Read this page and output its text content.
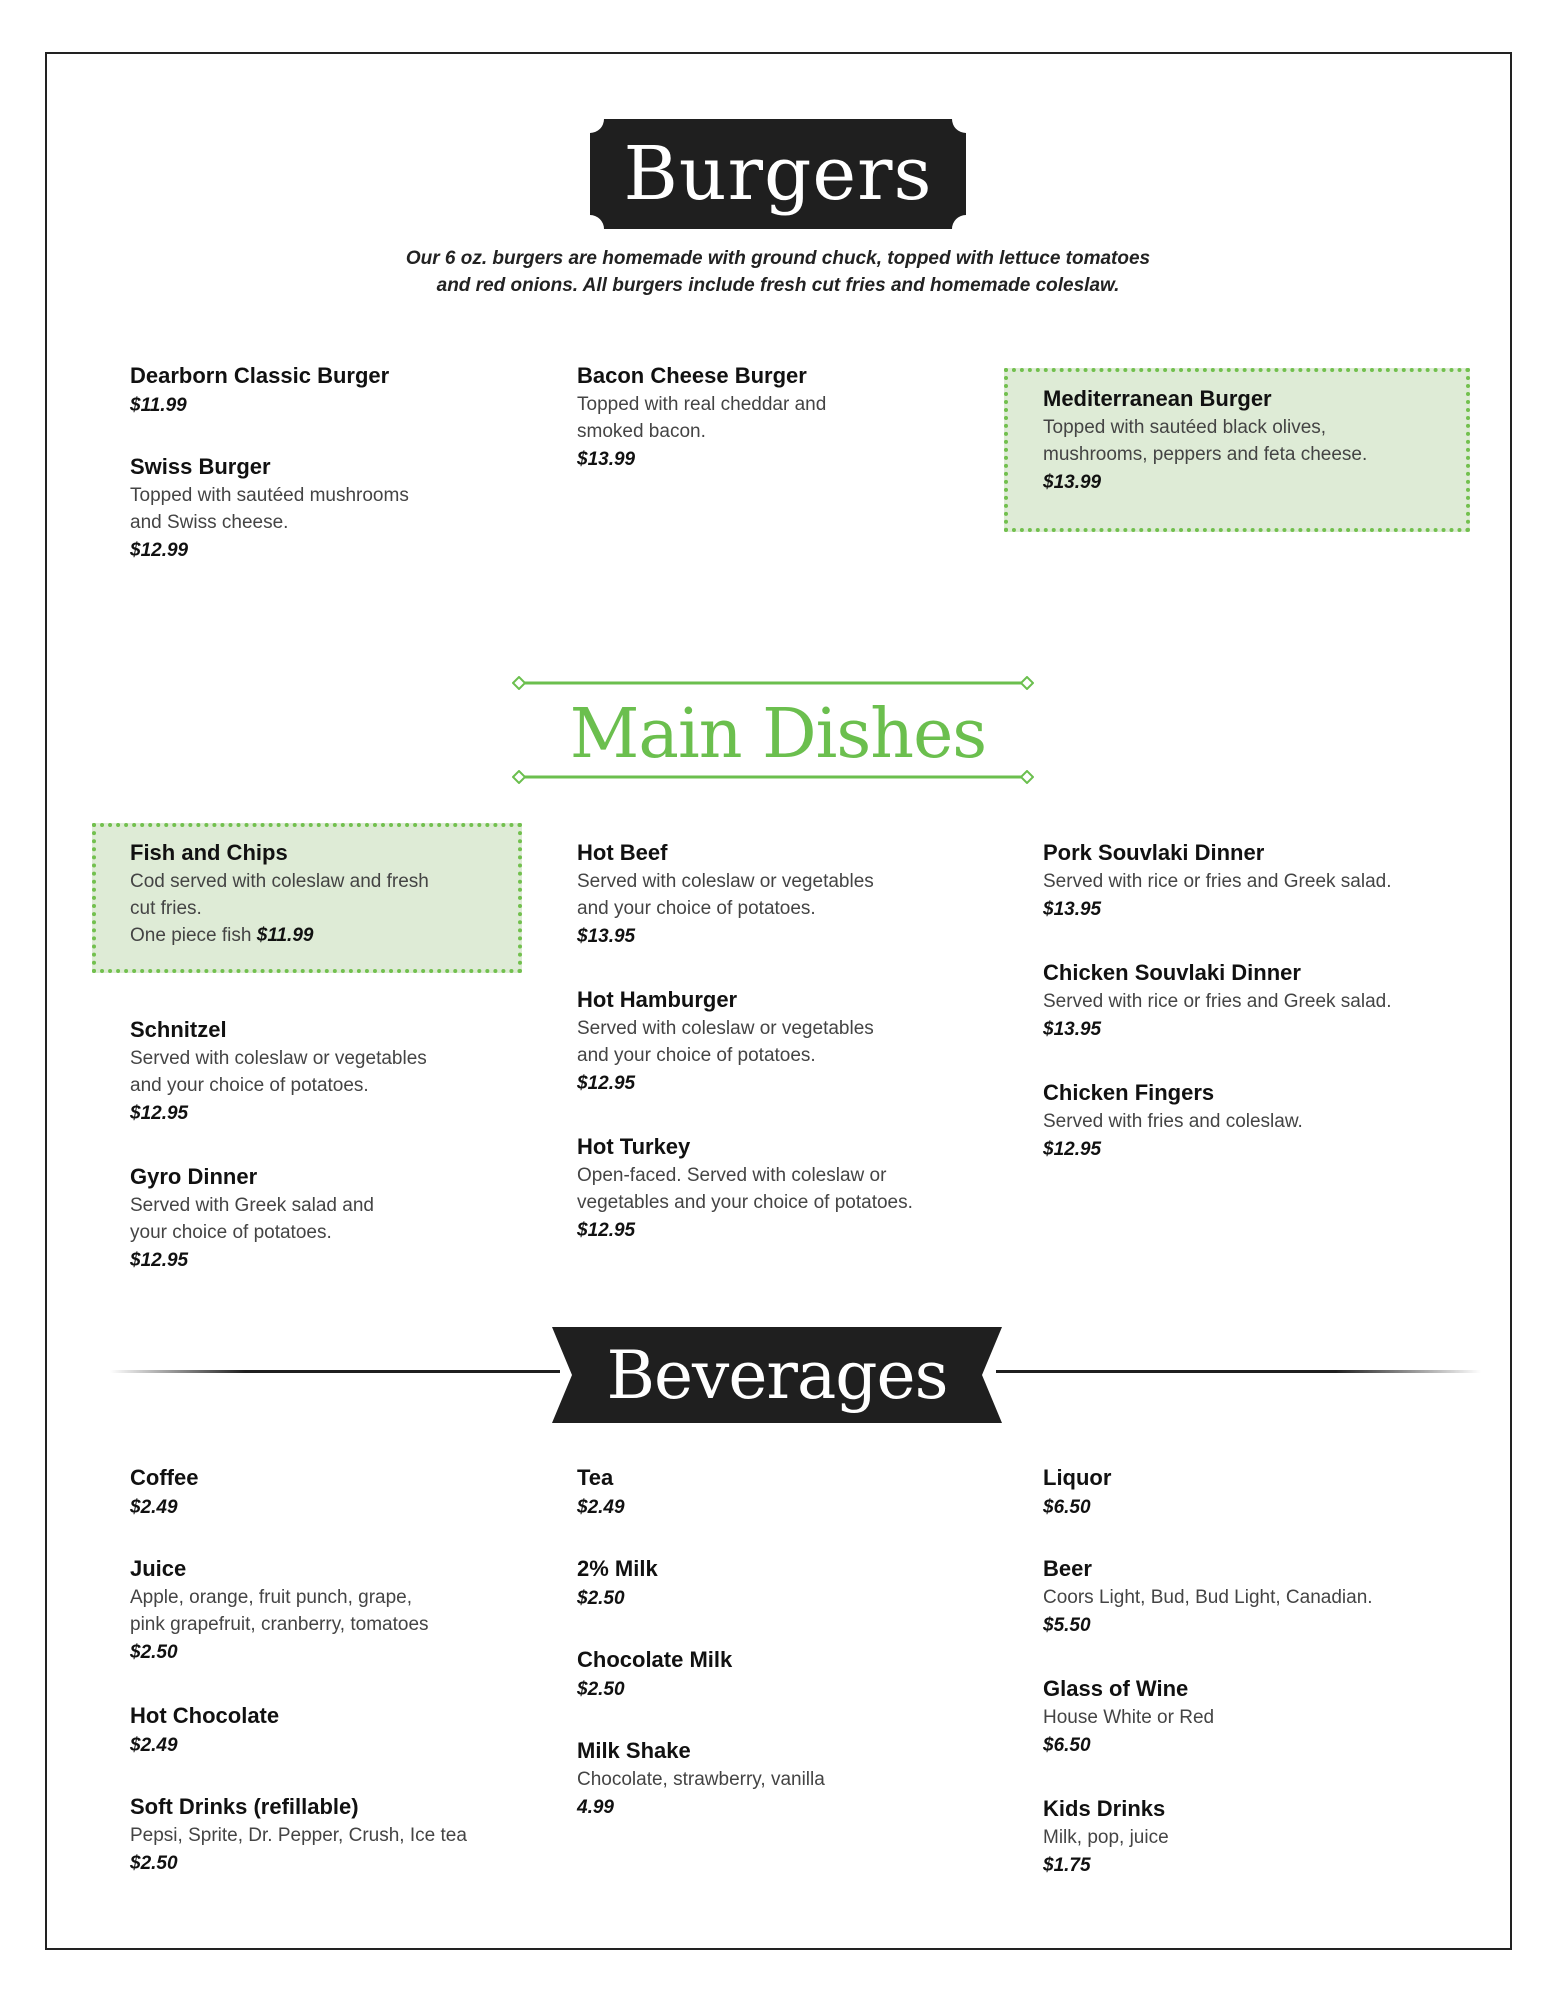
Burgers
Our 6 oz. burgers are homemade with ground chuck, topped with lettuce tomatoes
and red onions. All burgers include fresh cut fries and homemade coleslaw.
Dearborn Classic Burger
$11.99
Swiss Burger
Topped with sautéed mushrooms
and Swiss cheese.
$12.99
Bacon Cheese Burger
Topped with real cheddar and
smoked bacon.
$13.99
Mediterranean Burger
Topped with sautéed black olives,
mushrooms, peppers and feta cheese.
$13.99
Main Dishes
Fish and Chips
Cod served with coleslaw and fresh
cut fries.
One piece fish $11.99
Schnitzel
Served with coleslaw or vegetables
and your choice of potatoes.
$12.95
Gyro Dinner
Served with Greek salad and
your choice of potatoes.
$12.95
Hot Beef
Served with coleslaw or vegetables
and your choice of potatoes.
$13.95
Hot Hamburger
Served with coleslaw or vegetables
and your choice of potatoes.
$12.95
Hot Turkey
Open-faced. Served with coleslaw or
vegetables and your choice of potatoes.
$12.95
Pork Souvlaki Dinner
Served with rice or fries and Greek salad.
$13.95
Chicken Souvlaki Dinner
Served with rice or fries and Greek salad.
$13.95
Chicken Fingers
Served with fries and coleslaw.
$12.95
Beverages
Coffee
$2.49
Juice
Apple, orange, fruit punch, grape,
pink grapefruit, cranberry, tomatoes
$2.50
Hot Chocolate
$2.49
Soft Drinks (refillable)
Pepsi, Sprite, Dr. Pepper, Crush, Ice tea
$2.50
Tea
$2.49
2% Milk
$2.50
Chocolate Milk
$2.50
Milk Shake
Chocolate, strawberry, vanilla
4.99
Liquor
$6.50
Beer
Coors Light, Bud, Bud Light, Canadian.
$5.50
Glass of Wine
House White or Red
$6.50
Kids Drinks
Milk, pop, juice
$1.75
